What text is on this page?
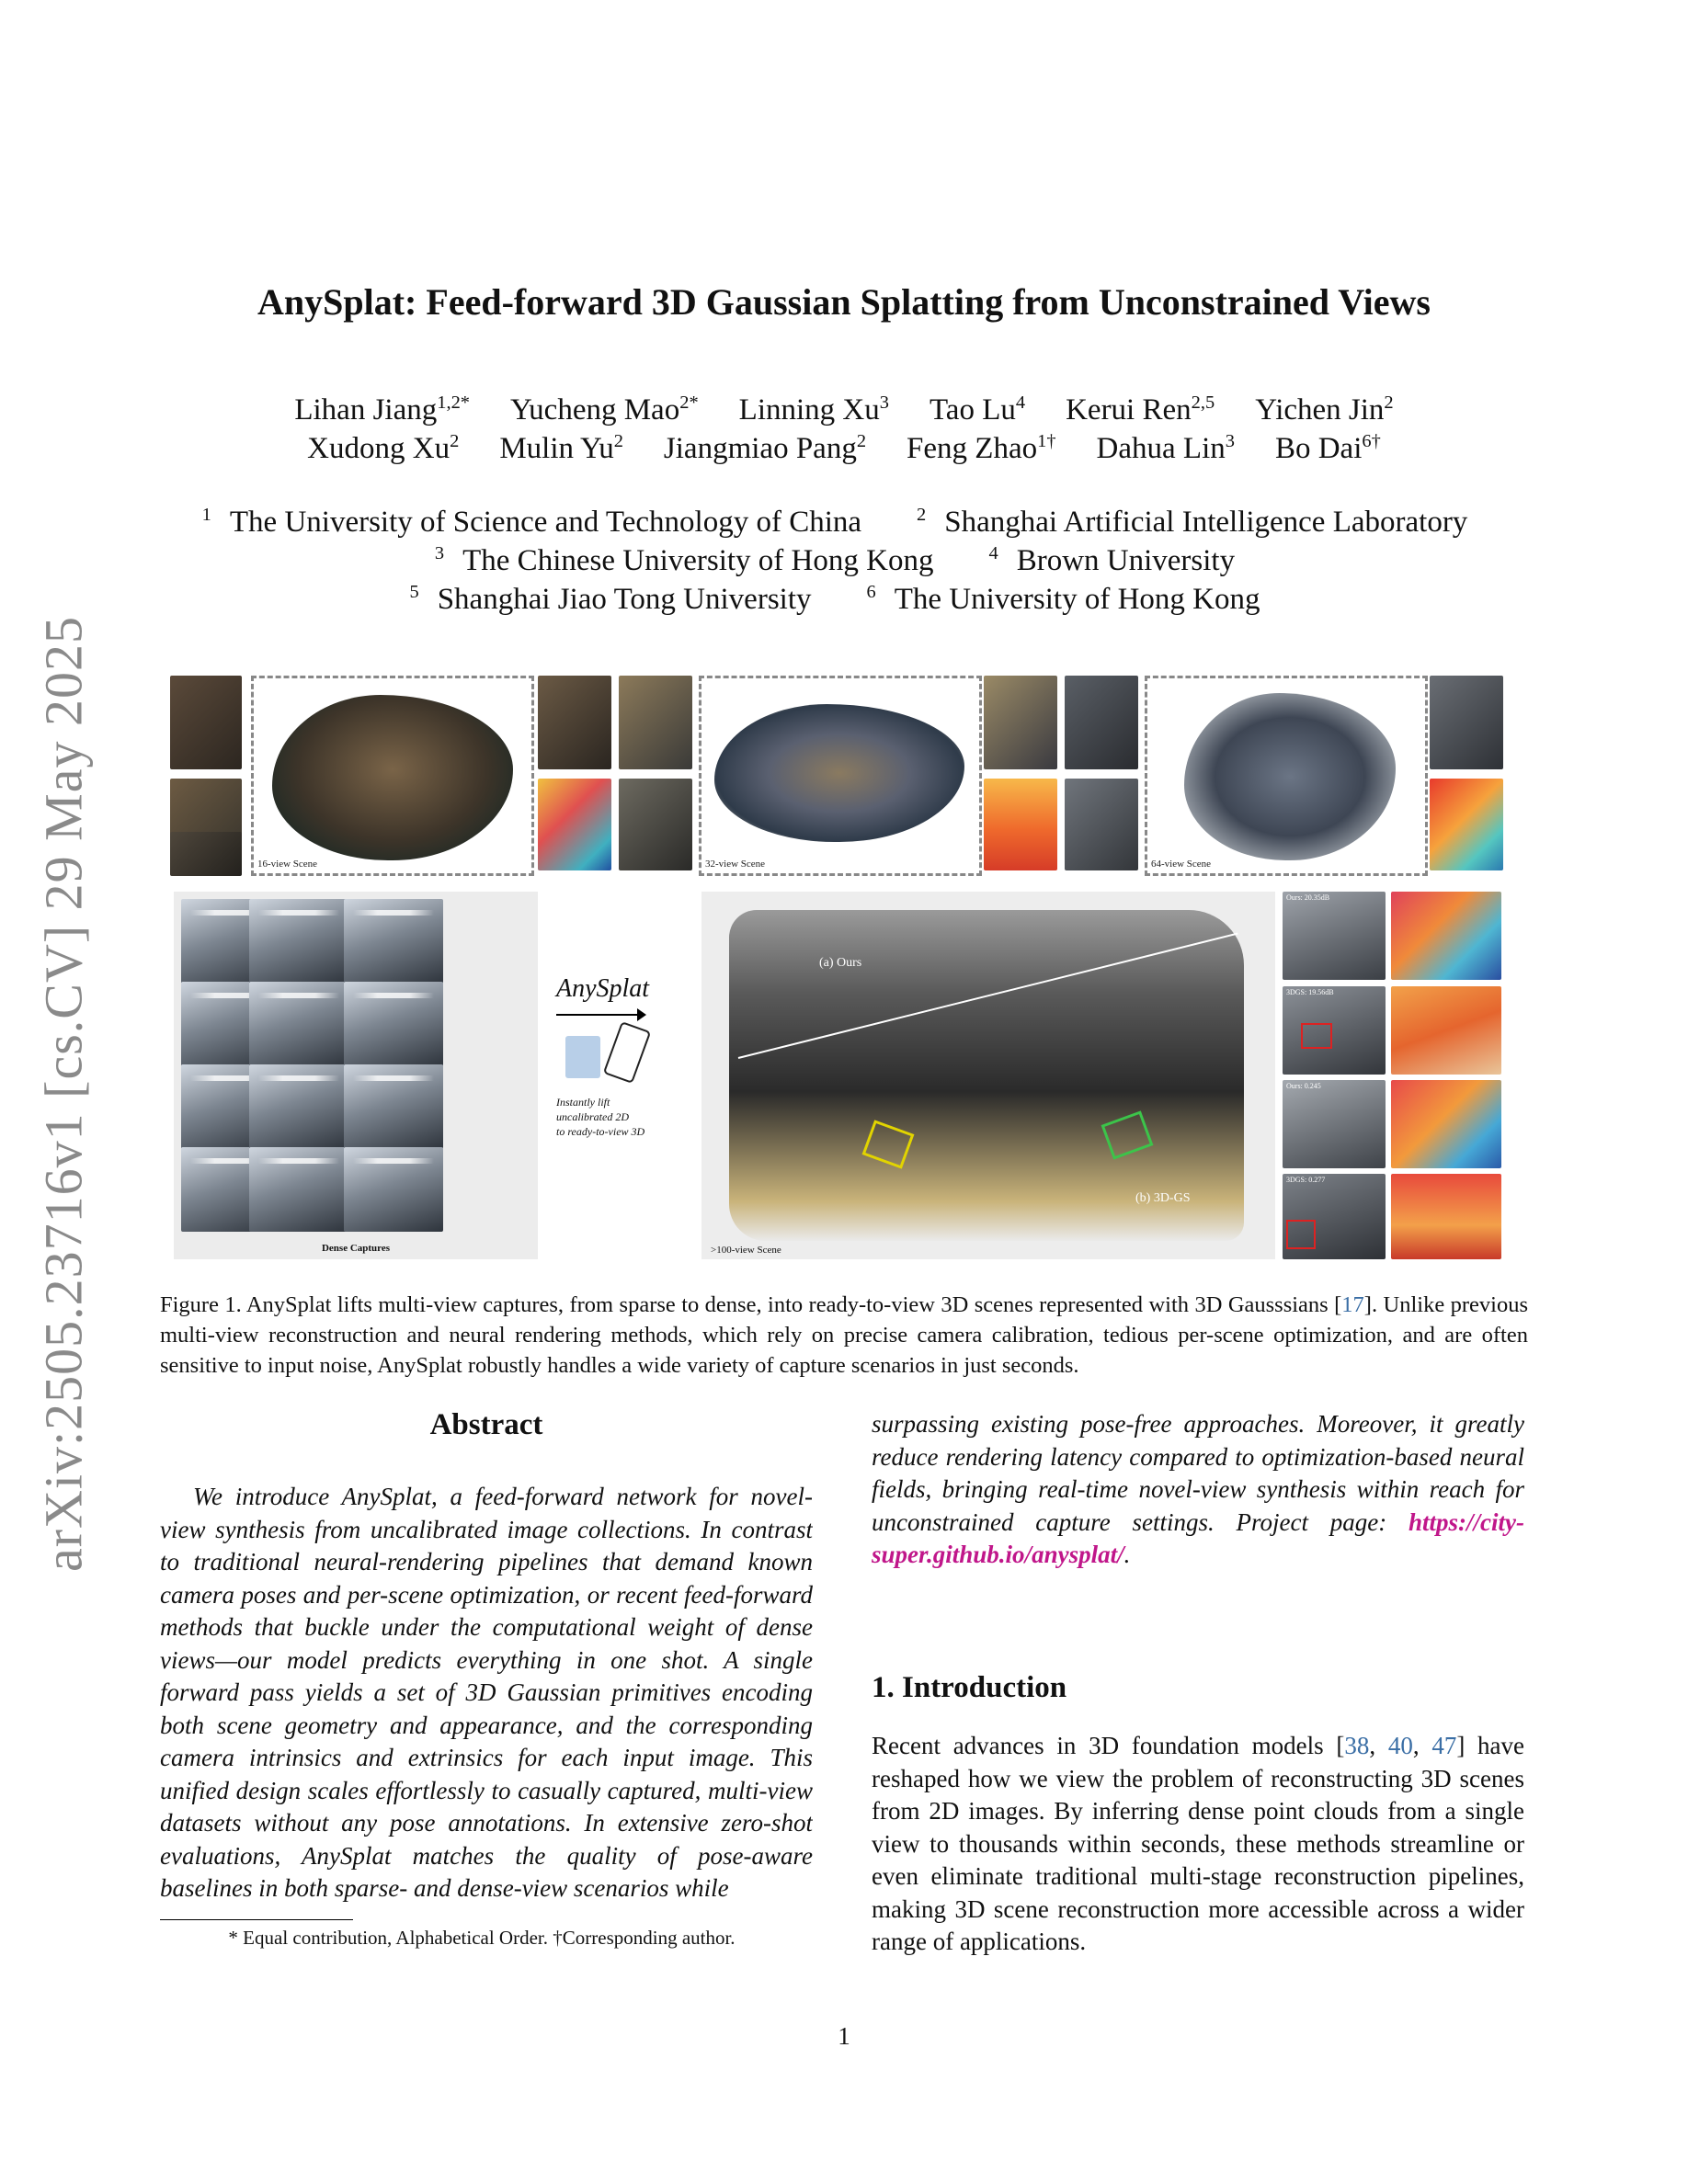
arXiv:2505.23716v1 [cs.CV] 29 May 2025
AnySplat: Feed-forward 3D Gaussian Splatting from Unconstrained Views
Lihan Jiang$^{1,2*}$ Yucheng Mao$^{2*}$ Linning Xu$^3$ Tao Lu$^4$ Kerui Ren$^{2,5}$ Yichen Jin$^2$
Xudong Xu$^2$ Mulin Yu$^2$ Jiangmiao Pang$^2$ Feng Zhao$^{1\dagger}$ Dahua Lin$^3$ Bo Dai$^{6\dagger}$
$^1$ The University of Science and Technology of China	$^2$ Shanghai Artificial Intelligence Laboratory
$^3$ The Chinese University of Hong Kong	$^4$ Brown University
$^5$ Shanghai Jiao Tong University	$^6$ The University of Hong Kong
16-view Scene	32-view Scene	64-view Scene
Dense Captures
AnySplat
Instantly lift
uncalibrated 2D
to ready-to-view 3D
(a) Ours
(b) 3D-GS
>100-view Scene
Ours: 20.35dB
3DGS: 19.56dB
Ours: 0.245
3DGS: 0.277
Figure 1. AnySplat lifts multi-view captures, from sparse to dense, into ready-to-view 3D scenes represented with 3D Gausssians [17]. Unlike previous multi-view reconstruction and neural rendering methods, which rely on precise camera calibration, tedious per-scene optimization, and are often sensitive to input noise, AnySplat robustly handles a wide variety of capture scenarios in just seconds.
Abstract
We introduce AnySplat, a feed-forward network for novel-view synthesis from uncalibrated image collections. In contrast to traditional neural-rendering pipelines that demand known camera poses and per-scene optimization, or recent feed-forward methods that buckle under the computational weight of dense views—our model predicts everything in one shot. A single forward pass yields a set of 3D Gaussian primitives encoding both scene geometry and appearance, and the corresponding camera intrinsics and extrinsics for each input image. This unified design scales effortlessly to casually captured, multi-view datasets without any pose annotations. In extensive zero-shot evaluations, AnySplat matches the quality of pose-aware baselines in both sparse- and dense-view scenarios while
surpassing existing pose-free approaches. Moreover, it greatly reduce rendering latency compared to optimization-based neural fields, bringing real-time novel-view synthesis within reach for unconstrained capture settings. Project page: https://city-super.github.io/anysplat/.
* Equal contribution, Alphabetical Order. †Corresponding author.
1. Introduction
Recent advances in 3D foundation models [38, 40, 47] have reshaped how we view the problem of reconstructing 3D scenes from 2D images. By inferring dense point clouds from a single view to thousands within seconds, these methods streamline or even eliminate traditional multi-stage reconstruction pipelines, making 3D scene reconstruction more accessible across a wider range of applications.
1
